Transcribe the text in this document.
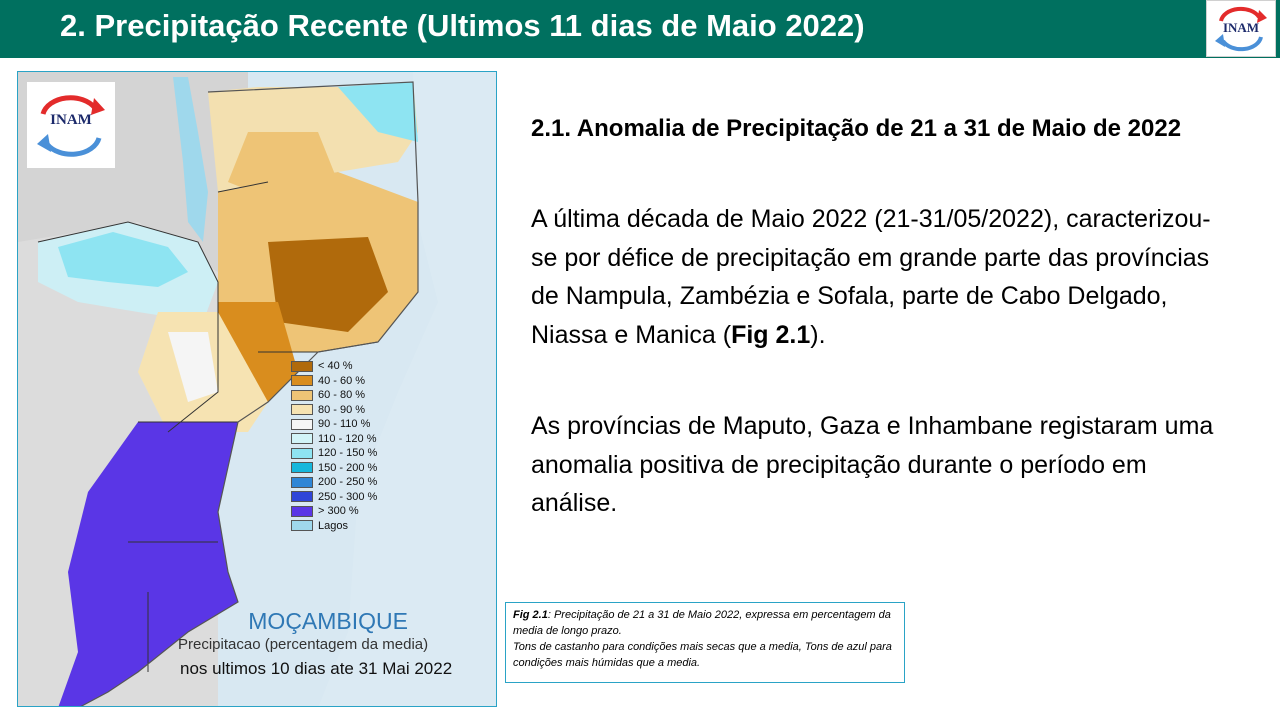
2. Precipitação Recente (Ultimos 11 dias de Maio 2022)	INAM
INAM
< 40 %
40 - 60 %
60 - 80 %
80 - 90 %
90 - 110 %
110 - 120 %
120 - 150 %
150 - 200 %
200 - 250 %
250 - 300 %
> 300 %
Lagos
MOÇAMBIQUE
Precipitacao (percentagem da media)
nos ultimos 10 dias ate 31 Mai 2022
2.1. Anomalia de Precipitação de 21 a 31 de Maio de 2022
A última década de Maio 2022 (21-31/05/2022), caracterizou-se por défice de precipitação em grande parte das províncias de Nampula, Zambézia e Sofala, parte de Cabo Delgado, Niassa e Manica (Fig 2.1).
As províncias de Maputo, Gaza e Inhambane registaram uma anomalia positiva de precipitação durante o período em análise.
Fig 2.1: Precipitação de 21 a 31 de Maio 2022, expressa em percentagem da media de longo prazo.
Tons de castanho para condições mais secas que a media, Tons de azul para condições mais húmidas que a media.
